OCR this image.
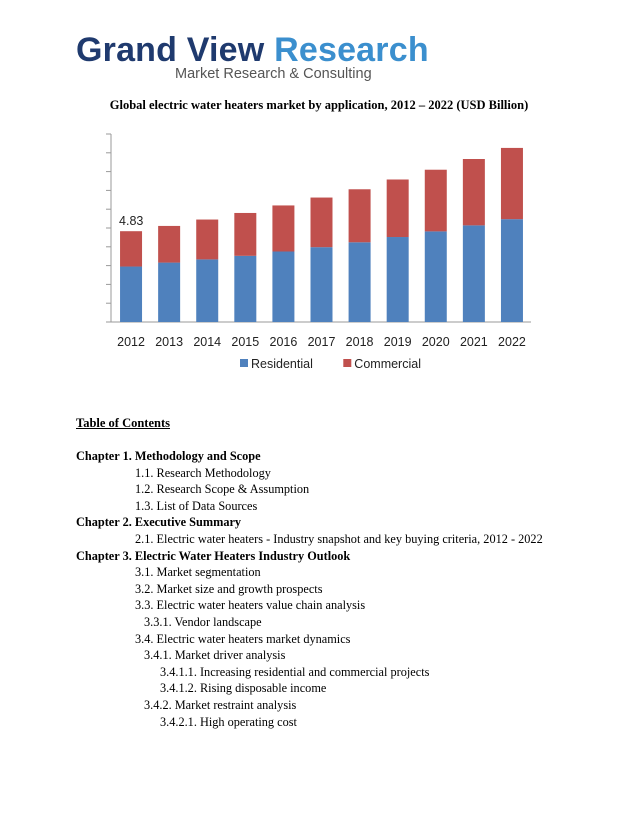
Grand View Research
Market Research & Consulting
Global electric water heaters market by application, 2012 – 2022 (USD Billion)
2012 2013 2014 2015 2016 2017 2018 2019 2020 2021 2022
4.83
Residential	Commercial
Table of Contents
Chapter 1. Methodology and Scope
1.1. Research Methodology
1.2. Research Scope & Assumption
1.3. List of Data Sources
Chapter 2. Executive Summary
2.1. Electric water heaters - Industry snapshot and key buying criteria, 2012 - 2022
Chapter 3. Electric Water Heaters Industry Outlook
3.1. Market segmentation
3.2. Market size and growth prospects
3.3. Electric water heaters value chain analysis
3.3.1. Vendor landscape
3.4. Electric water heaters market dynamics
3.4.1. Market driver analysis
3.4.1.1. Increasing residential and commercial projects
3.4.1.2. Rising disposable income
3.4.2. Market restraint analysis
3.4.2.1. High operating cost
